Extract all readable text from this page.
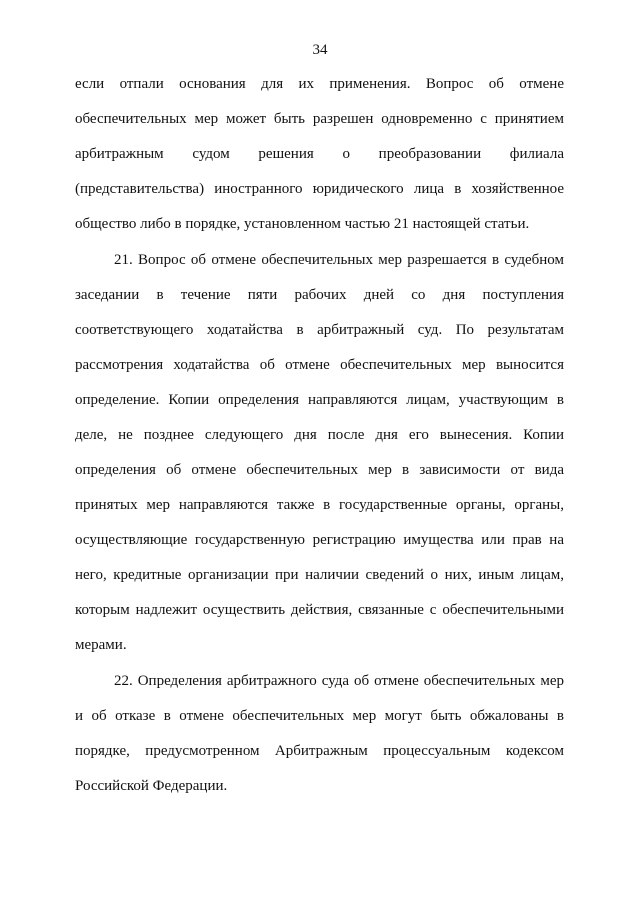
34
если отпали основания для их применения. Вопрос об отмене
обеспечительных мер может быть разрешен одновременно с принятием
арбитражным судом решения о преобразовании филиала
(представительства) иностранного юридического лица в хозяйственное
общество либо в порядке, установленном частью 21 настоящей статьи.
21. Вопрос об отмене обеспечительных мер разрешается в судебном
заседании в течение пяти рабочих дней со дня поступления
соответствующего ходатайства в арбитражный суд. По результатам
рассмотрения ходатайства об отмене обеспечительных мер выносится
определение. Копии определения направляются лицам, участвующим в
деле, не позднее следующего дня после дня его вынесения. Копии
определения об отмене обеспечительных мер в зависимости от вида
принятых мер направляются также в государственные органы, органы,
осуществляющие государственную регистрацию имущества или прав на
него, кредитные организации при наличии сведений о них, иным лицам,
которым надлежит осуществить действия, связанные с обеспечительными
мерами.
22. Определения арбитражного суда об отмене обеспечительных мер
и об отказе в отмене обеспечительных мер могут быть обжалованы в
порядке, предусмотренном Арбитражным процессуальным кодексом
Российской Федерации.
